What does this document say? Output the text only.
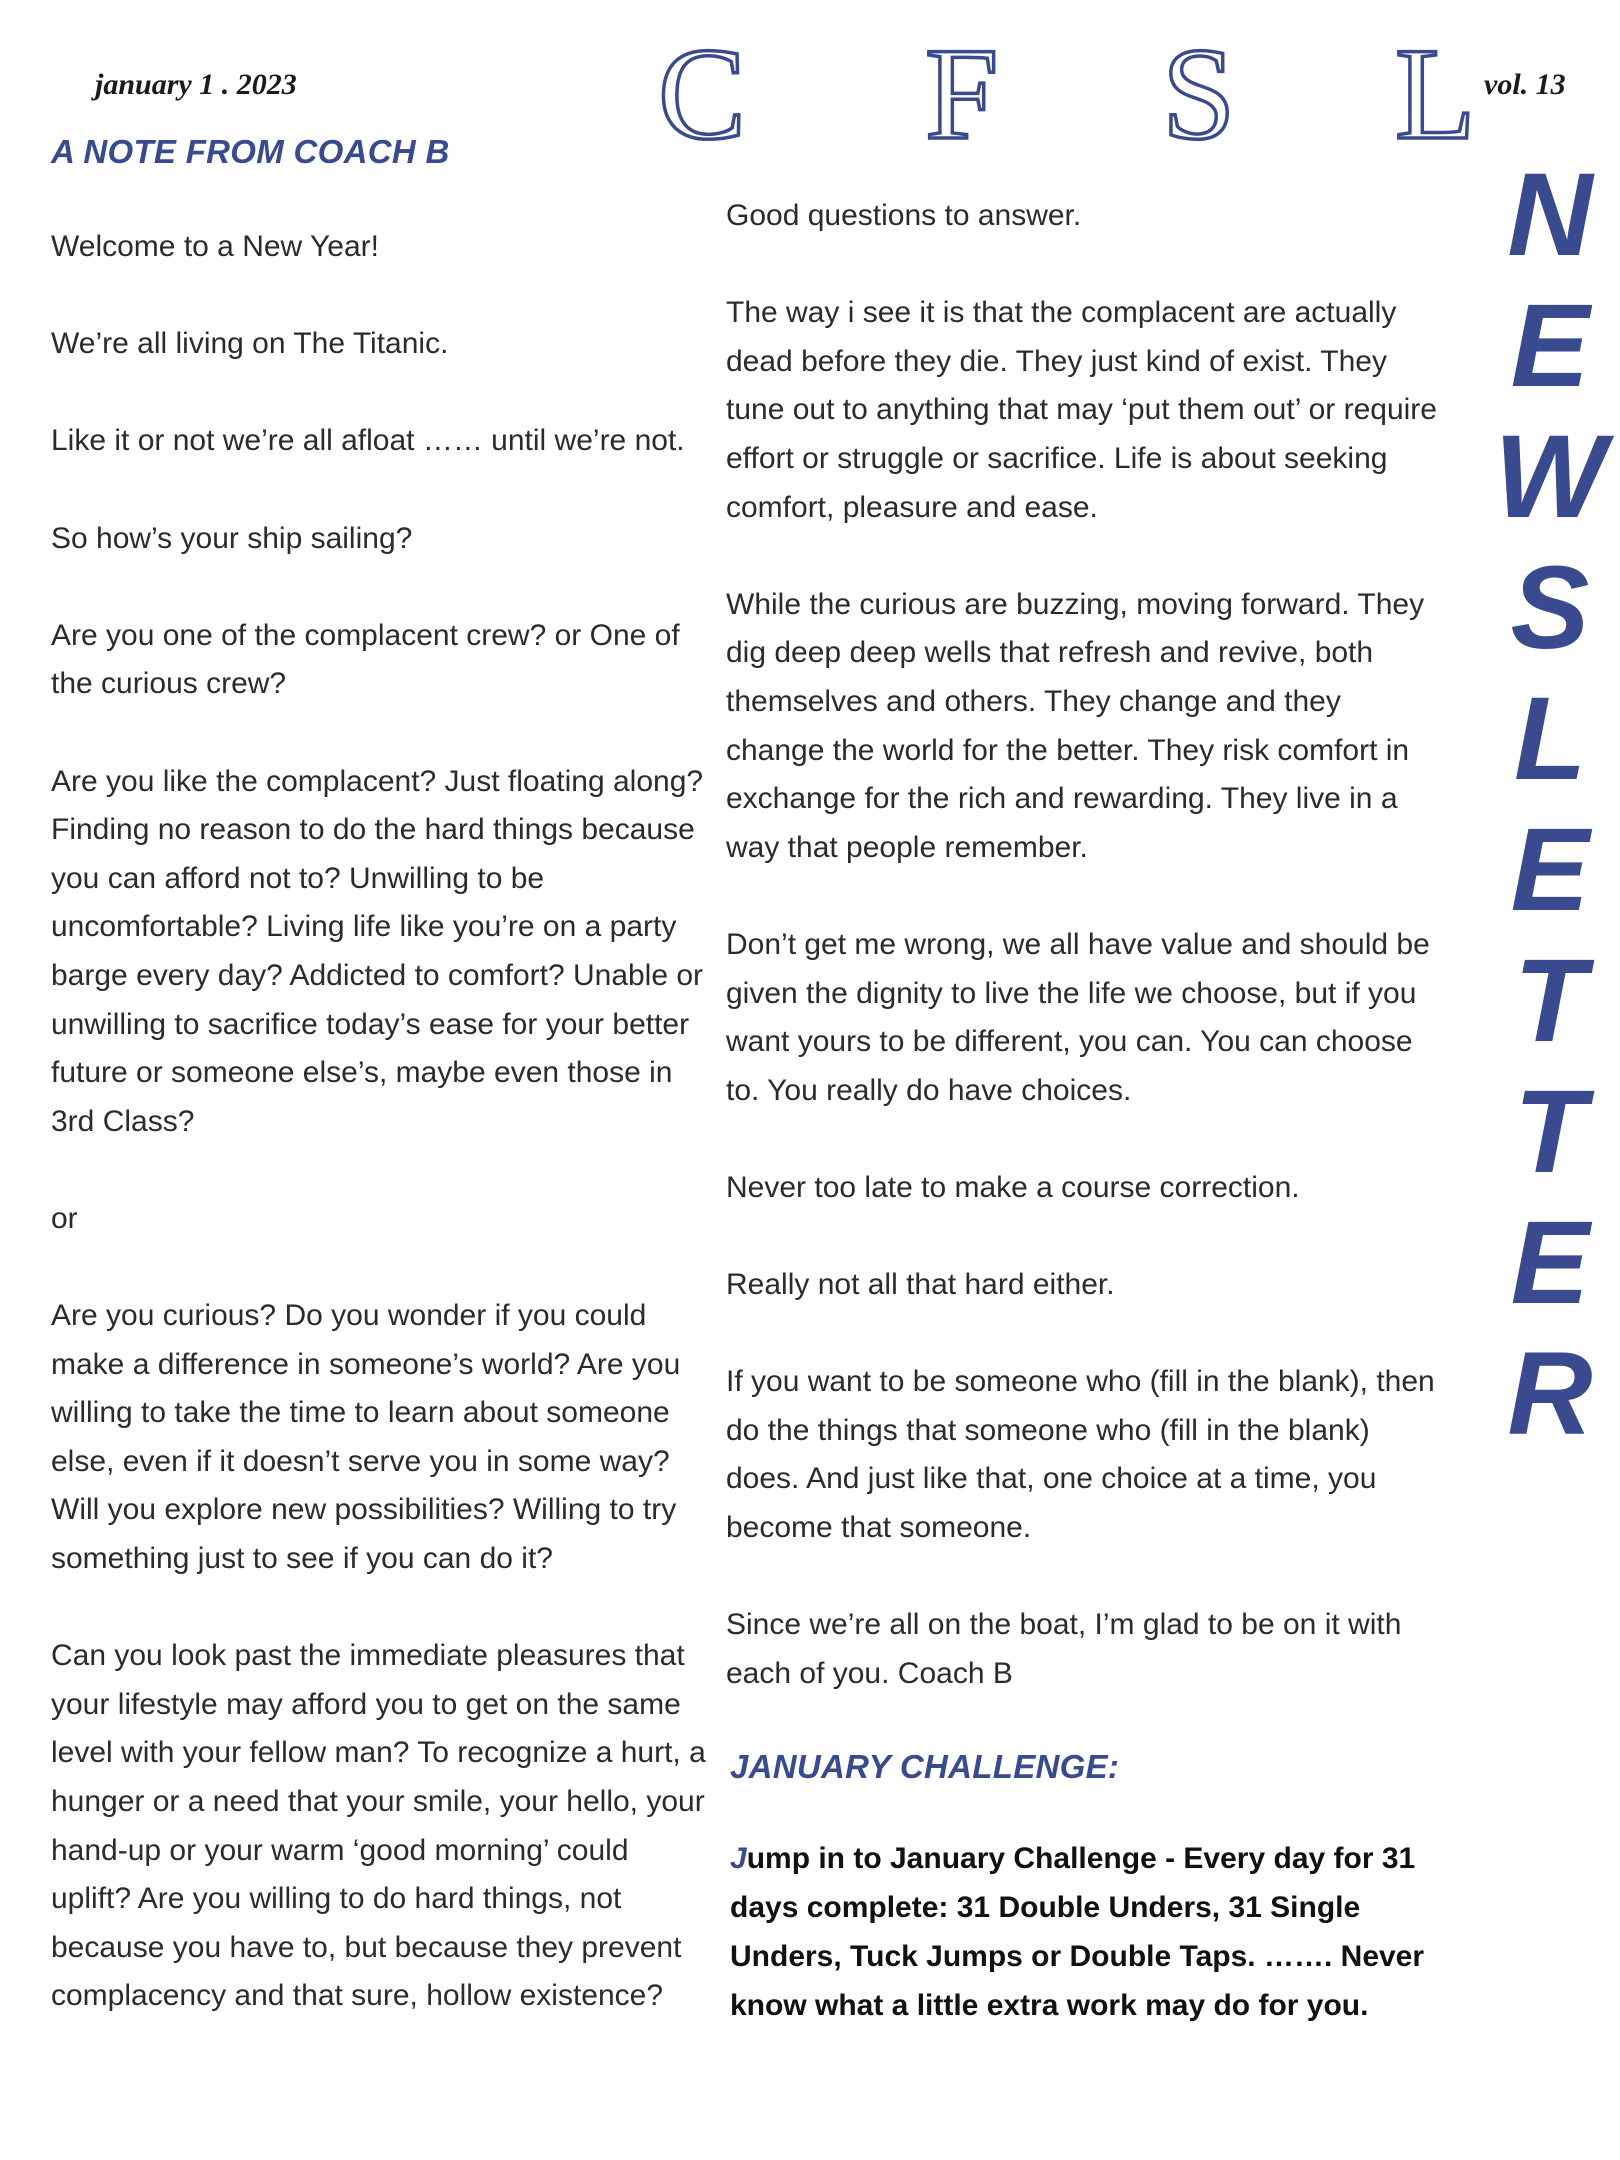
january 1 . 2023	vol. 13
C F S L
N
E
W
S
L
E
T
T
E
R
A NOTE FROM COACH B

Welcome to a New Year!

We’re all living on The Titanic.

Like it or not we’re all afloat …… until we’re not.

So how’s your ship sailing?

Are you one of the complacent crew? or One of the curious crew?

Are you like the complacent? Just floating along? Finding no reason to do the hard things because you can afford not to? Unwilling to be uncomfortable? Living life like you’re on a party barge every day? Addicted to comfort? Unable or unwilling to sacrifice today’s ease for your better future or someone else’s, maybe even those in 3rd Class?

or

Are you curious? Do you wonder if you could make a difference in someone’s world? Are you willing to take the time to learn about someone else, even if it doesn’t serve you in some way? Will you explore new possibilities? Willing to try something just to see if you can do it?

Can you look past the immediate pleasures that your lifestyle may afford you to get on the same level with your fellow man? To recognize a hurt, a hunger or a need that your smile, your hello, your hand-up or your warm ‘good morning’ could uplift? Are you willing to do hard things, not because you have to, but because they prevent complacency and that sure, hollow existence?

Good questions to answer.

The way i see it is that the complacent are actually dead before they die. They just kind of exist. They tune out to anything that may ‘put them out’ or require effort or struggle or sacrifice. Life is about seeking comfort, pleasure and ease.

While the curious are buzzing, moving forward. They dig deep deep wells that refresh and revive, both themselves and others. They change and they change the world for the better. They risk comfort in exchange for the rich and rewarding. They live in a way that people remember.

Don’t get me wrong, we all have value and should be given the dignity to live the life we choose, but if you want yours to be different, you can. You can choose to. You really do have choices.

Never too late to make a course correction.

Really not all that hard either.

If you want to be someone who (fill in the blank), then do the things that someone who (fill in the blank) does. And just like that, one choice at a time, you become that someone.

Since we’re all on the boat, I’m glad to be on it with each of you. Coach B

JANUARY CHALLENGE:
Jump in to January Challenge - Every day for 31 days complete: 31 Double Unders, 31 Single Unders, Tuck Jumps or Double Taps. ……. Never know what a little extra work may do for you.
